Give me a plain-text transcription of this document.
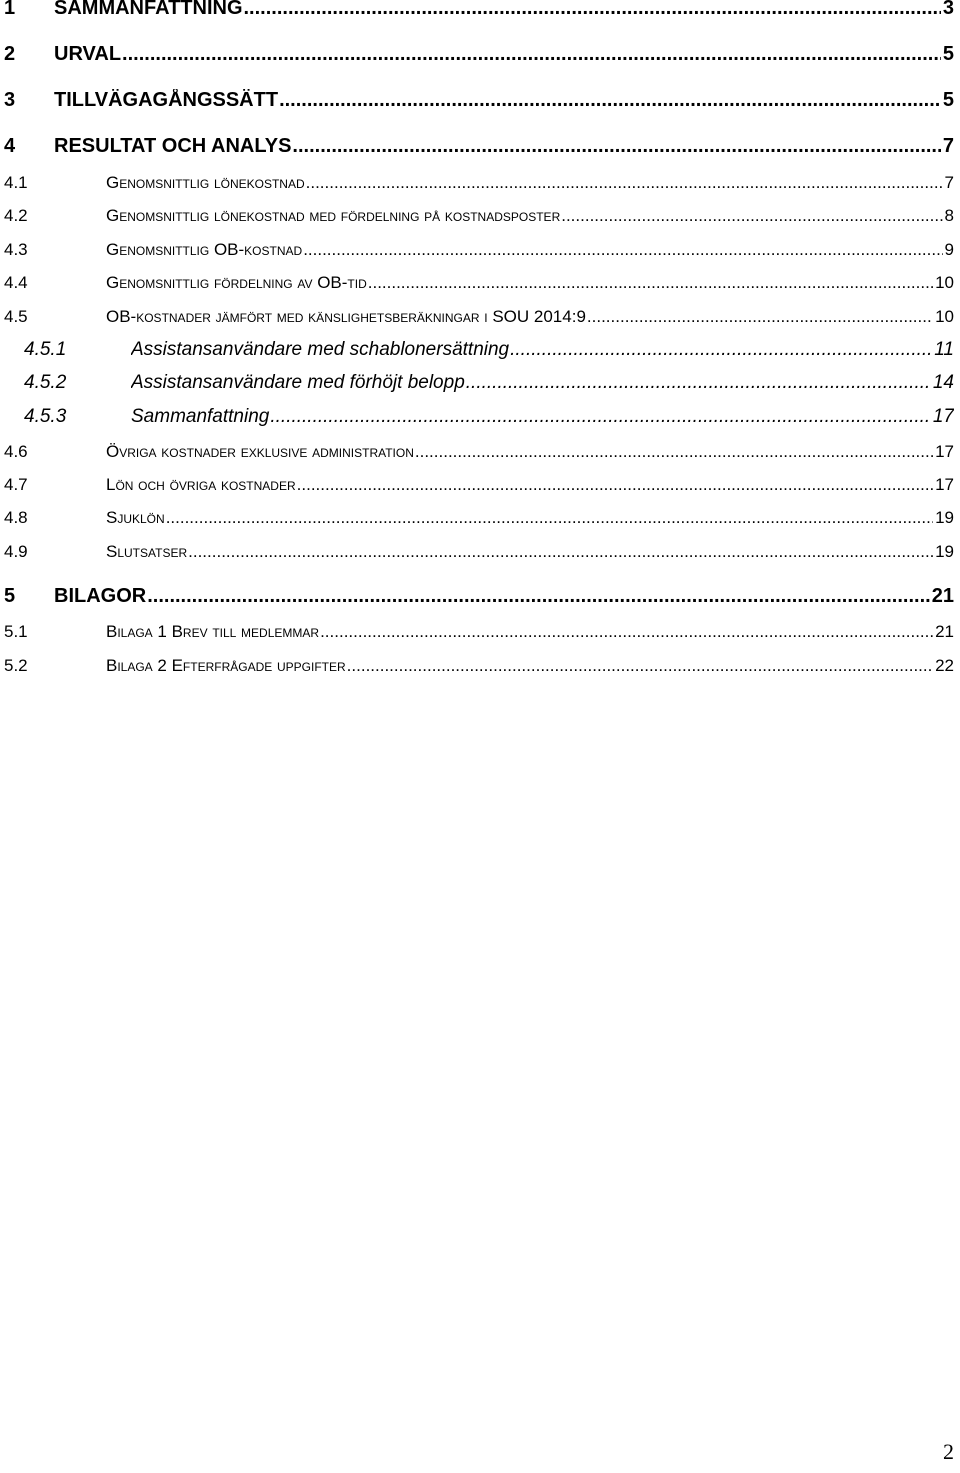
1 SAMMANFATTNING .....	3
2 URVAL .....	5
3 TILLVÄGAGÅNGSSÄTT .....	5
4 RESULTAT OCH ANALYS .....	7
4.1	Genomsnittlig lönekostnad .....	7
4.2	Genomsnittlig lönekostnad med fördelning på kostnadsposter .....	8
4.3	Genomsnittlig OB-kostnad .....	9
4.4	Genomsnittlig fördelning av OB-tid .....	10
4.5	OB-kostnader jämfört med känslighetsberäkningar i SOU 2014:9 .....	10
4.5.1	Assistansanvändare med schablonersättning .....	11
4.5.2	Assistansanvändare med förhöjt belopp .....	14
4.5.3	Sammanfattning .....	17
4.6	Övriga kostnader exklusive administration .....	17
4.7	Lön och övriga kostnader .....	17
4.8	Sjuklön .....	19
4.9	Slutsatser .....	19
5 BILAGOR .....	21
5.1	Bilaga 1 Brev till medlemmar .....	21
5.2	Bilaga 2 Efterfrågade uppgifter .....	22
2
